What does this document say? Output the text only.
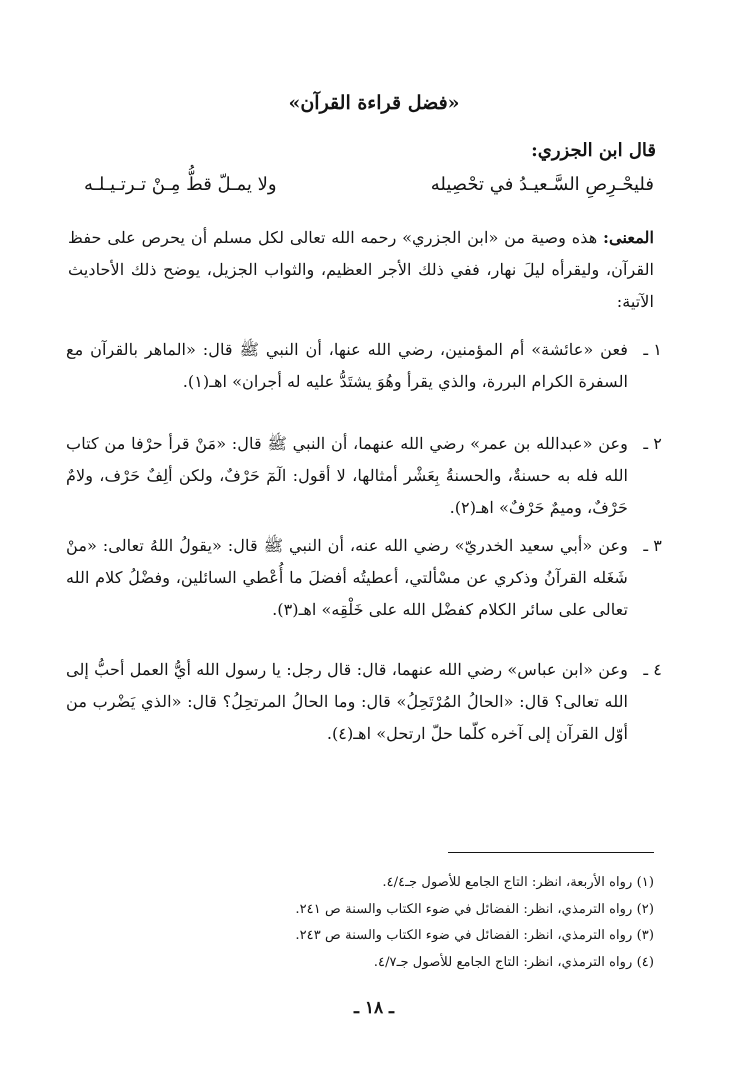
«فضل قراءة القرآن»
قال ابن الجزري:
فليحْـرِصِ السَّـعيـدُ في تحْصِيله
ولا يمـلّ قطُّ مِـنْ تـرتـيـلـه
المعنى: هذه وصية من «ابن الجزري» رحمه الله تعالى لكل مسلم أن يحرص على حفظ القرآن، وليقرأه ليلَ نهار، ففي ذلك الأجر العظيم، والثواب الجزيل، يوضح ذلك الأحاديث الآتية:
١ ـ
فعن «عائشة» أم المؤمنين، رضي الله عنها، أن النبي ﷺ قال: «الماهر بالقرآن مع السفرة الكرام البررة، والذي يقرأ وهُوَ يشتَدُّ عليه له أجران» اهـ(١).
٢ ـ
وعن «عبدالله بن عمر» رضي الله عنهما، أن النبي ﷺ قال: «مَنْ قرأ حرْفا من كتاب الله فله به حسنةٌ، والحسنةُ بِعَشْر أمثالها، لا أقول: الٓمٓ حَرْفٌ، ولكن ألِفٌ حَرْف، ولامٌ حَرْفٌ، وميمٌ حَرْفٌ» اهـ(٢).
٣ ـ
وعن «أبي سعيد الخدريّ» رضي الله عنه، أن النبي ﷺ قال: «يقولُ اللهُ تعالى: «منْ شَغَله القرآنُ وذكري عن مسْألتي، أعطيتُه أفضلَ ما أُعْطي السائلين، وفضْلُ كلام الله تعالى على سائر الكلام كفضْل الله على خَلْقِه» اهـ(٣).
٤ ـ
وعن «ابن عباس» رضي الله عنهما، قال: قال رجل: يا رسول الله أيُّ العمل أحبُّ إلى الله تعالى؟ قال: «الحالُ المُرْتَحِلُ» قال: وما الحالُ المرتحِلُ؟ قال: «الذي يَضْرب من أوّل القرآن إلى آخره كلّما حلّ ارتحل» اهـ(٤).
(١) رواه الأربعة، انظر: التاج الجامع للأصول جـ٤/٤.
(٢) رواه الترمذي، انظر: الفضائل في ضوء الكتاب والسنة ص ٢٤١.
(٣) رواه الترمذي، انظر: الفضائل في ضوء الكتاب والسنة ص ٢٤٣.
(٤) رواه الترمذي، انظر: التاج الجامع للأصول جـ٤/٧.
ـ ١٨ ـ
